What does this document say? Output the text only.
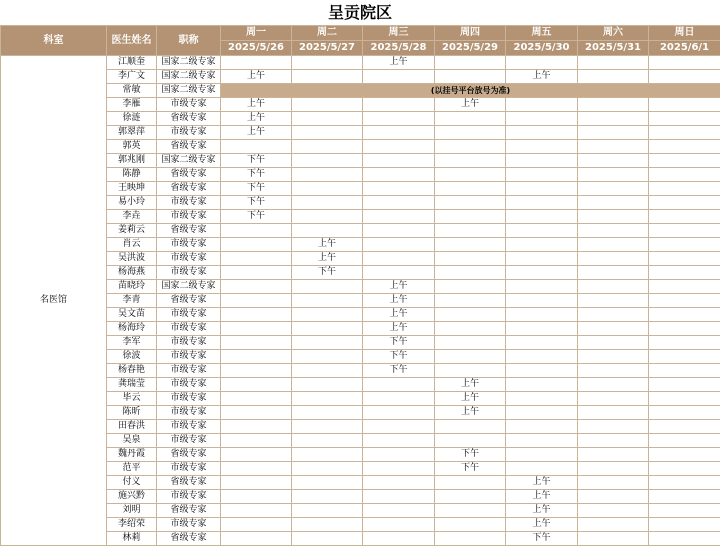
呈贡院区
科室	医生姓名	职称	周一	周二	周三	周四	周五	周六	周日
			2025/5/26	2025/5/27	2025/5/28	2025/5/29	2025/5/30	2025/5/31	2025/6/1
名医馆	江顺奎	国家二级专家			上午				
	李广文	国家二级专家	上午				上午		
	常敏	国家二级专家	(以挂号平台放号为准)						
	李雁	市级专家	上午			上午			
	徐涟	省级专家	上午						
	郭翠萍	市级专家	上午						
	郭英	省级专家							
	郭兆刚	国家二级专家	下午						
	陈静	省级专家	下午						
	王映坤	省级专家	下午						
	易小玲	市级专家	下午						
	李垚	市级专家	下午						
	姜莉云	省级专家							
	肖云	市级专家		上午					
	吴洪波	市级专家		上午					
	杨海燕	市级专家		下午					
	苗晓玲	国家二级专家			上午				
	李青	省级专家			上午				
	吴文苗	市级专家			上午				
	杨海玲	市级专家			上午				
	李军	市级专家			下午				
	徐波	市级专家			下午				
	杨春艳	市级专家			下午				
	龚瑞莹	市级专家				上午			
	毕云	市级专家				上午			
	陈昕	市级专家				上午			
	田春洪	市级专家							
	吴泉	市级专家							
	魏丹霞	省级专家				下午			
	范平	市级专家				下午			
	付义	省级专家					上午		
	施兴黔	市级专家					上午		
	刘明	省级专家					上午		
	李绍荣	市级专家					上午		
	林莉	省级专家					下午		
